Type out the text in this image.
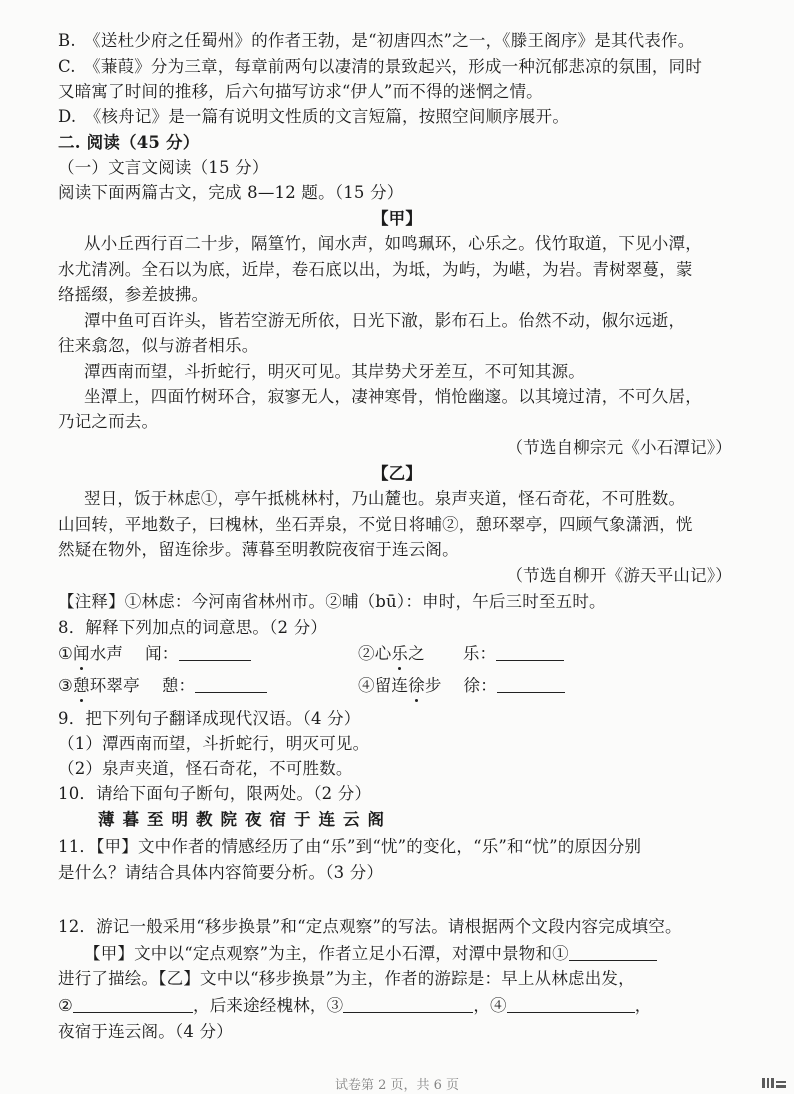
B.　《送杜少府之任蜀州》的作者王勃，是“初唐四杰”之一，《滕王阁序》是其代表作。
C.　《蒹葭》分为三章，每章前两句以凄清的景致起兴，形成一种沉郁悲凉的氛围，同时
又暗寓了时间的推移，后六句描写访求“伊人”而不得的迷惘之情。
D.　《核舟记》是一篇有说明文性质的文言短篇，按照空间顺序展开。
二. 阅读（45 分）
（一）文言文阅读（15 分）
阅读下面两篇古文，完成 8—12 题。（15 分）
【甲】
从小丘西行百二十步，隔篁竹，闻水声，如鸣珮环，心乐之。伐竹取道，下见小潭，
水尤清冽。全石以为底，近岸，卷石底以出，为坻，为屿，为嵁，为岩。青树翠蔓，蒙
络摇缀，参差披拂。
潭中鱼可百许头，皆若空游无所依，日光下澈，影布石上。佁然不动，俶尔远逝，
往来翕忽，似与游者相乐。
潭西南而望，斗折蛇行，明灭可见。其岸势犬牙差互，不可知其源。
坐潭上，四面竹树环合，寂寥无人，凄神寒骨，悄怆幽邃。以其境过清，不可久居，
乃记之而去。
（节选自柳宗元《小石潭记》）
【乙】
翌日，饭于林虑①，亭午抵桃林村，乃山麓也。泉声夹道，怪石奇花，不可胜数。
山回转，平地数子，曰槐林，坐石弄泉，不觉日将晡②，憩环翠亭，四顾气象潇洒，恍
然疑在物外，留连徐步。薄暮至明教院夜宿于连云阁。
（节选自柳开《游天平山记》）
【注释】①林虑：今河南省林州市。②晡（bū）：申时，午后三时至五时。
8．解释下列加点的词意思。（2 分）
①闻水声 闻：	②心乐之 乐：
③憩环翠亭 憩：	④留连徐步 徐：
9．把下列句子翻译成现代汉语。（4 分）
（1）潭西南而望，斗折蛇行，明灭可见。
（2）泉声夹道，怪石奇花，不可胜数。
10．请给下面句子断句，限两处。（2 分）
薄暮至明教院夜宿于连云阁
11．【甲】文中作者的情感经历了由“乐”到“忧”的变化，“乐”和“忧”的原因分别
是什么？请结合具体内容简要分析。（3 分）
12．游记一般采用“移步换景”和“定点观察”的写法。请根据两个文段内容完成填空。
【甲】文中以“定点观察”为主，作者立足小石潭，对潭中景物和①
进行了描绘。【乙】文中以“移步换景”为主，作者的游踪是：早上从林虑出发，
②	，后来途经槐林，③	，④	，
夜宿于连云阁。（4 分）
试卷第 2 页，共 6 页
